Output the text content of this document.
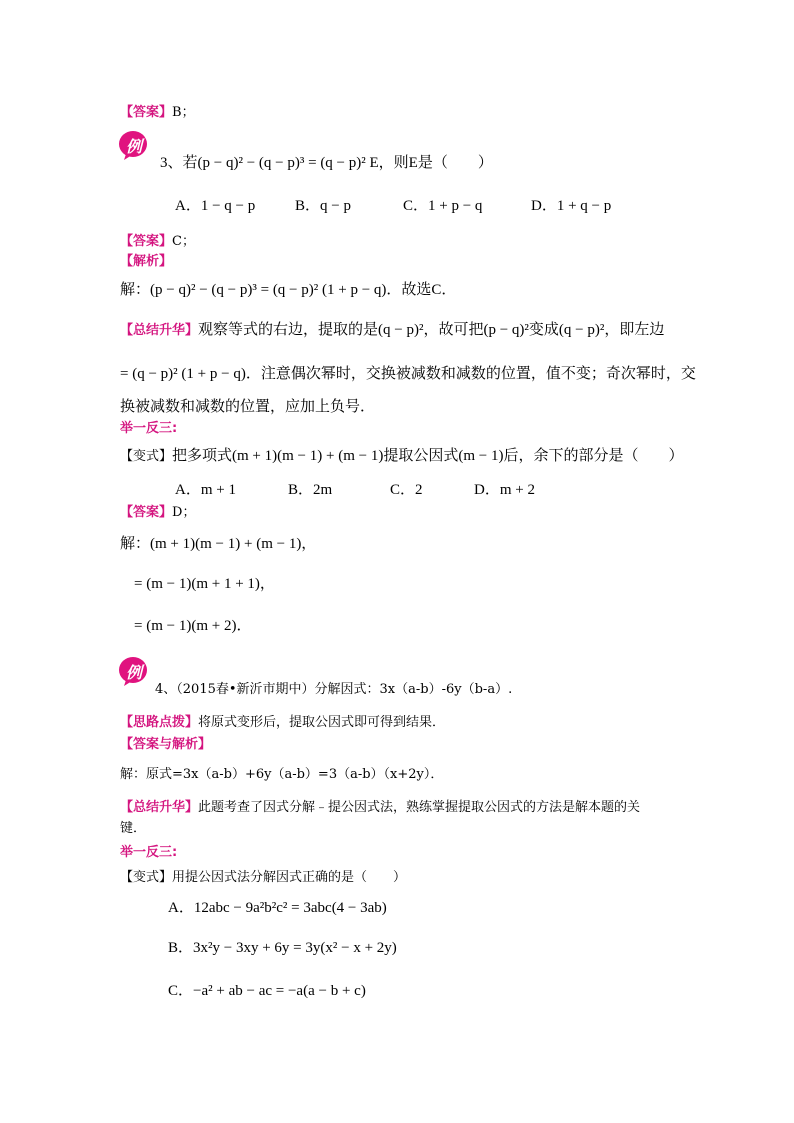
【答案】B；
例
3、若(p − q)² − (q − p)³ = (q − p)² E，则E是（　　）
A．1 − q − p	B．q − p	C．1 + p − q	D．1 + q − p
【答案】C；
【解析】
解：(p − q)² − (q − p)³ = (q − p)² (1 + p − q)．故选C．
【总结升华】观察等式的右边，提取的是(q − p)²，故可把(p − q)²变成(q − p)²，即左边
= (q − p)² (1 + p − q)．注意偶次幂时，交换被减数和减数的位置，值不变；奇次幂时，交
换被减数和减数的位置，应加上负号．
举一反三:
【变式】把多项式(m + 1)(m − 1) + (m − 1)提取公因式(m − 1)后，余下的部分是（　　）
A．m + 1	B．2m	C．2	D．m + 2
【答案】D；
解：(m + 1)(m − 1) + (m − 1)，
= (m − 1)(m + 1 + 1)，
= (m − 1)(m + 2)．
例
4、（2015春•新沂市期中）分解因式：3x（a-b）-6y（b-a）.
【思路点拨】将原式变形后，提取公因式即可得到结果．
【答案与解析】
解：原式=3x（a-b）+6y（a-b）=3（a-b）（x+2y）．
【总结升华】此题考查了因式分解﹣提公因式法，熟练掌握提取公因式的方法是解本题的关
键．
举一反三:
【变式】用提公因式法分解因式正确的是（　　）
A．12abc − 9a²b²c² = 3abc(4 − 3ab)
B．3x²y − 3xy + 6y = 3y(x² − x + 2y)
C．−a² + ab − ac = −a(a − b + c)
